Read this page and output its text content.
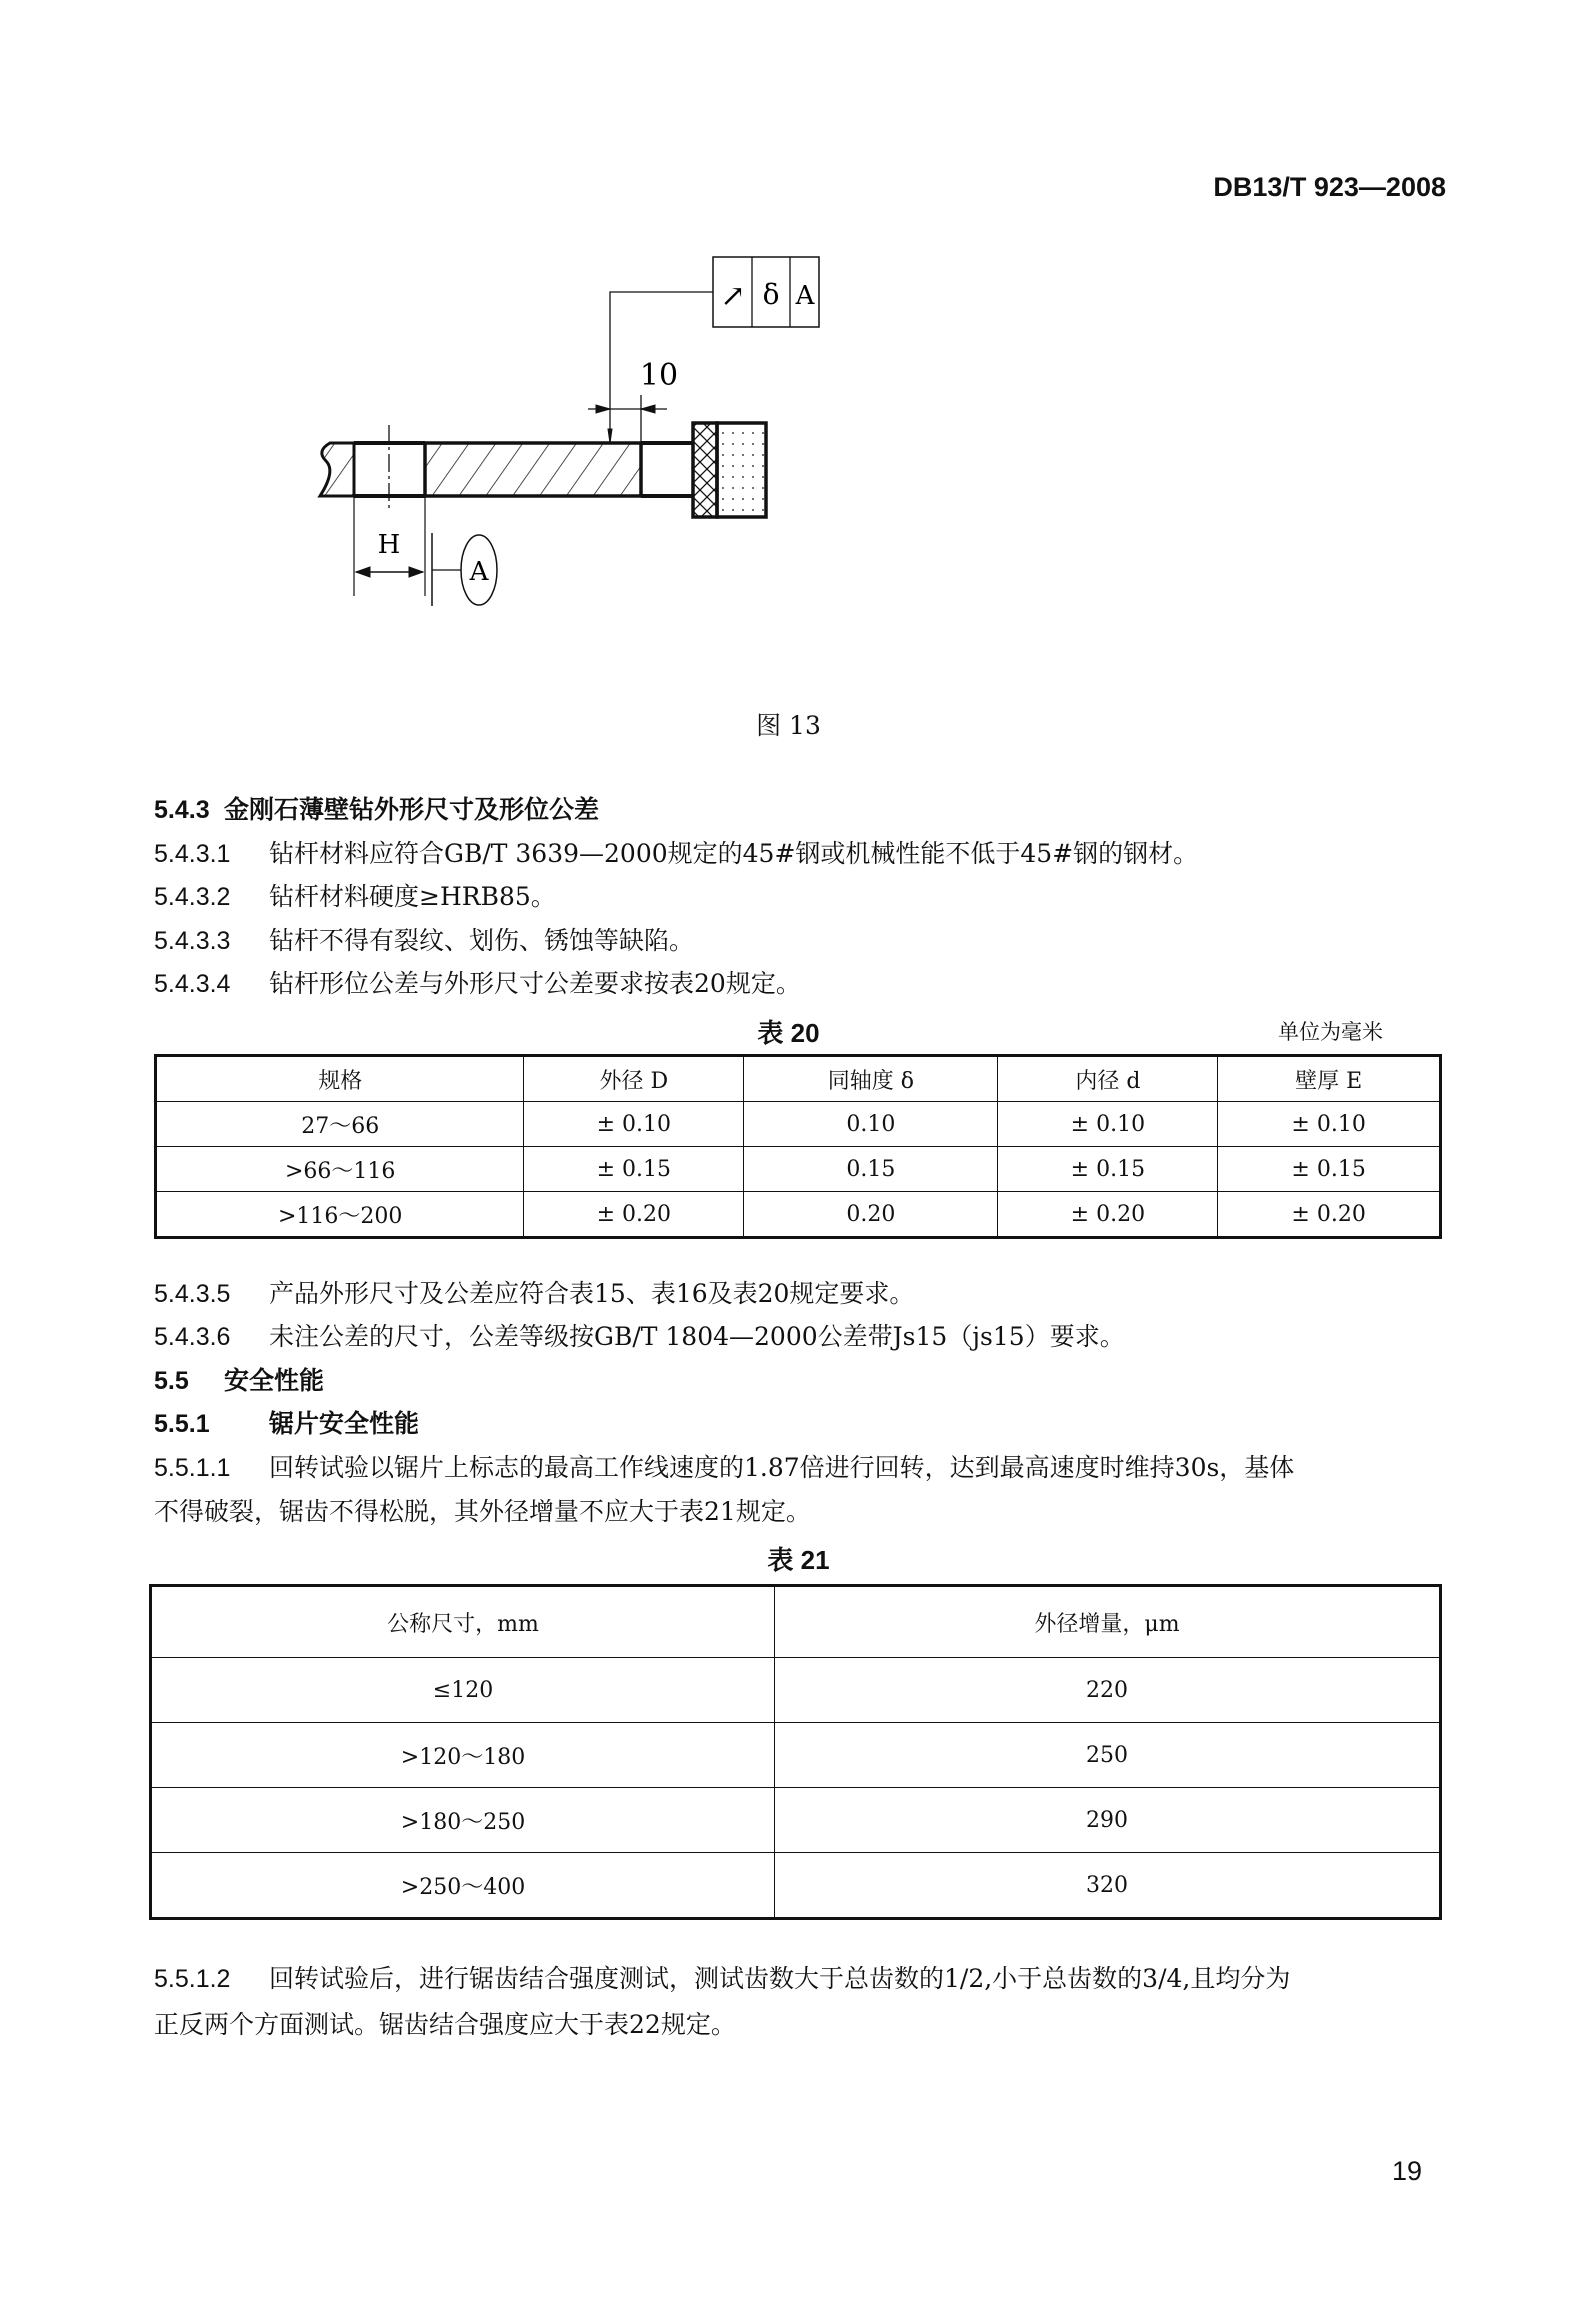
DB13/T 923—2008
↗ δ A
10
H
A
图 13
5.4.3 金刚石薄壁钻外形尺寸及形位公差
5.4.3.1 钻杆材料应符合GB/T 3639—2000规定的45#钢或机械性能不低于45#钢的钢材。
5.4.3.2 钻杆材料硬度≥HRB85。
5.4.3.3 钻杆不得有裂纹、划伤、锈蚀等缺陷。
5.4.3.4 钻杆形位公差与外形尺寸公差要求按表20规定。
表 20	单位为毫米
规格	外径 D	同轴度 δ	内径 d	壁厚 E
27～66	± 0.10	0.10	± 0.10	± 0.10
>66～116	± 0.15	0.15	± 0.15	± 0.15
>116～200	± 0.20	0.20	± 0.20	± 0.20
5.4.3.5 产品外形尺寸及公差应符合表15、表16及表20规定要求。
5.4.3.6 未注公差的尺寸，公差等级按GB/T 1804—2000公差带Js15（js15）要求。
5.5 安全性能
5.5.1 锯片安全性能
5.5.1.1 回转试验以锯片上标志的最高工作线速度的1.87倍进行回转，达到最高速度时维持30s，基体
不得破裂，锯齿不得松脱，其外径增量不应大于表21规定。
表 21
公称尺寸，mm	外径增量，μm
≤120	220
>120～180	250
>180～250	290
>250～400	320
5.5.1.2 回转试验后，进行锯齿结合强度测试，测试齿数大于总齿数的1/2,小于总齿数的3/4,且均分为
正反两个方面测试。锯齿结合强度应大于表22规定。
19
